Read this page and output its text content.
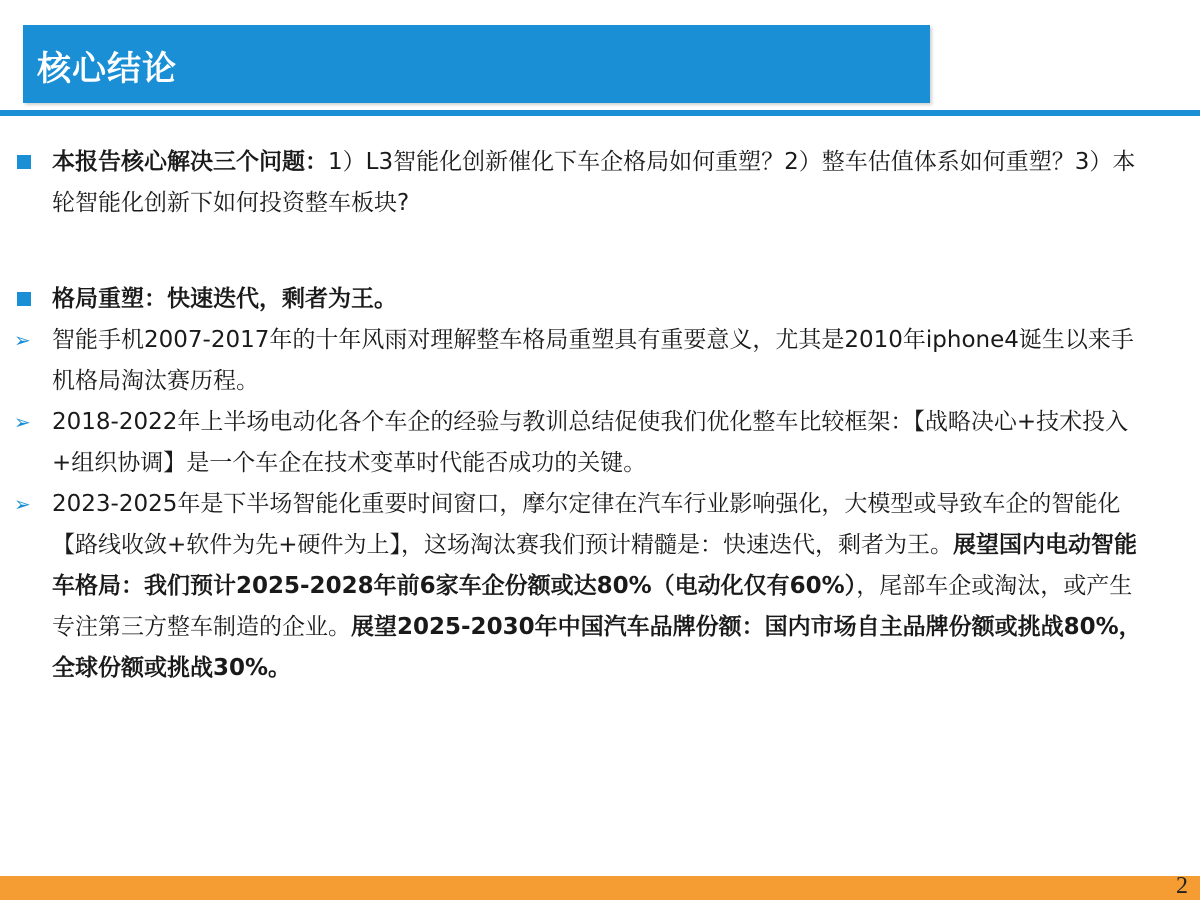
核心结论
本报告核心解决三个问题：1）L3智能化创新催化下车企格局如何重塑？2）整车估值体系如何重塑？3）本轮智能化创新下如何投资整车板块?
格局重塑：快速迭代，剩者为王。
➢ 智能手机2007-2017年的十年风雨对理解整车格局重塑具有重要意义，尤其是2010年iphone4诞生以来手机格局淘汰赛历程。
➢ 2018-2022年上半场电动化各个车企的经验与教训总结促使我们优化整车比较框架：【战略决心+技术投入+组织协调】是一个车企在技术变革时代能否成功的关键。
➢ 2023-2025年是下半场智能化重要时间窗口，摩尔定律在汽车行业影响强化，大模型或导致车企的智能化【路线收敛+软件为先+硬件为上】，这场淘汰赛我们预计精髓是：快速迭代，剩者为王。展望国内电动智能车格局：我们预计2025-2028年前6家车企份额或达80%（电动化仅有60%），尾部车企或淘汰，或产生专注第三方整车制造的企业。展望2025-2030年中国汽车品牌份额：国内市场自主品牌份额或挑战80%，全球份额或挑战30%。
2
